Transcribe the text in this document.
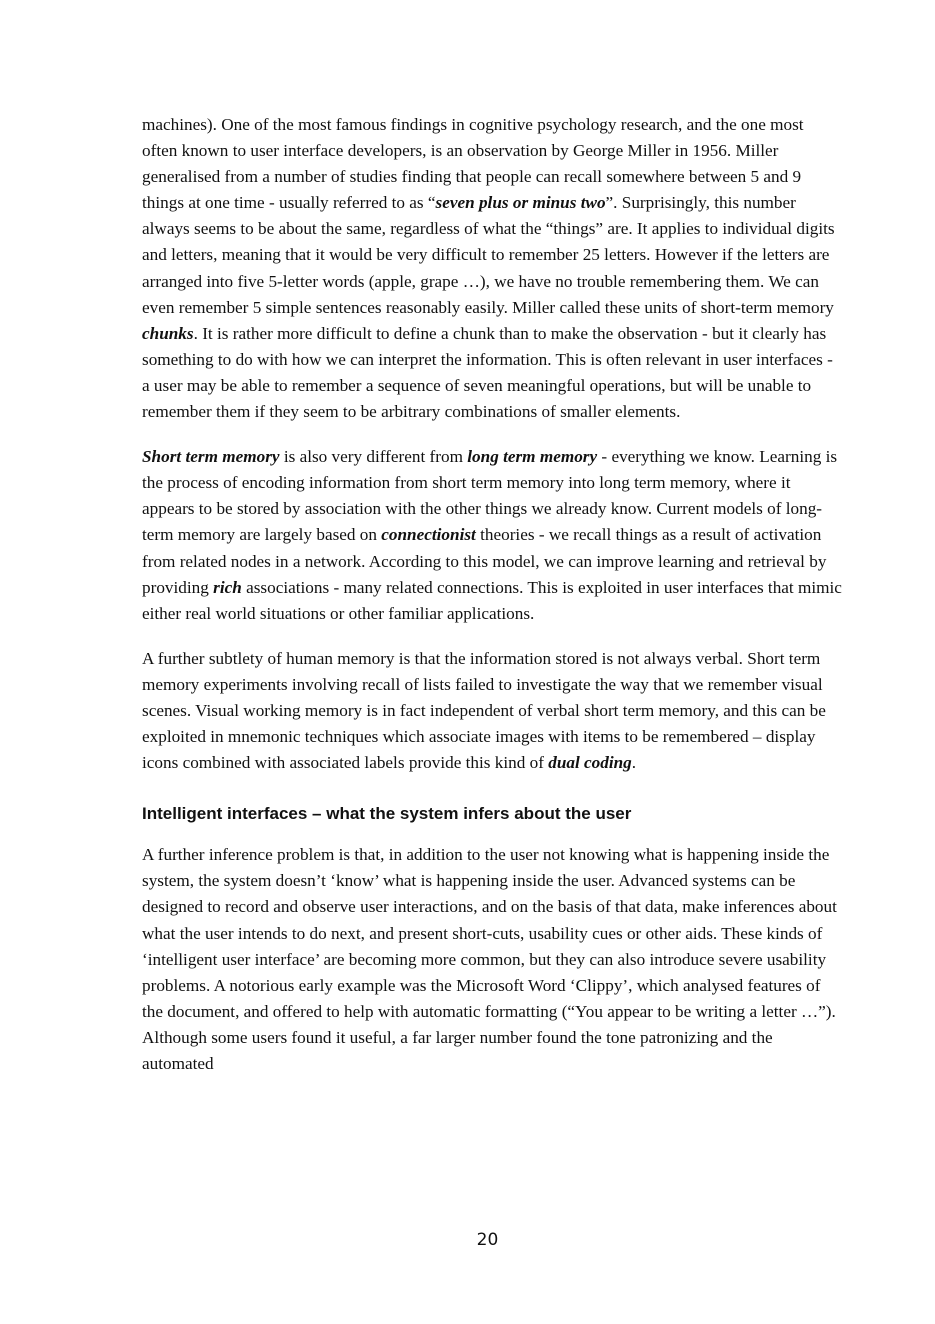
machines). One of the most famous findings in cognitive psychology research, and the one most often known to user interface developers, is an observation by George Miller in 1956. Miller generalised from a number of studies finding that people can recall somewhere between 5 and 9 things at one time - usually referred to as “seven plus or minus two”. Surprisingly, this number always seems to be about the same, regardless of what the “things” are. It applies to individual digits and letters, meaning that it would be very difficult to remember 25 letters. However if the letters are arranged into five 5-letter words (apple, grape …), we have no trouble remembering them. We can even remember 5 simple sentences reasonably easily. Miller called these units of short-term memory chunks. It is rather more difficult to define a chunk than to make the observation - but it clearly has something to do with how we can interpret the information. This is often relevant in user interfaces - a user may be able to remember a sequence of seven meaningful operations, but will be unable to remember them if they seem to be arbitrary combinations of smaller elements.

Short term memory is also very different from long term memory - everything we know. Learning is the process of encoding information from short term memory into long term memory, where it appears to be stored by association with the other things we already know. Current models of long-term memory are largely based on connectionist theories - we recall things as a result of activation from related nodes in a network. According to this model, we can improve learning and retrieval by providing rich associations - many related connections. This is exploited in user interfaces that mimic either real world situations or other familiar applications.

A further subtlety of human memory is that the information stored is not always verbal. Short term memory experiments involving recall of lists failed to investigate the way that we remember visual scenes. Visual working memory is in fact independent of verbal short term memory, and this can be exploited in mnemonic techniques which associate images with items to be remembered – display icons combined with associated labels provide this kind of dual coding.

Intelligent interfaces – what the system infers about the user

A further inference problem is that, in addition to the user not knowing what is happening inside the system, the system doesn’t ‘know’ what is happening inside the user. Advanced systems can be designed to record and observe user interactions, and on the basis of that data, make inferences about what the user intends to do next, and present short-cuts, usability cues or other aids. These kinds of ‘intelligent user interface’ are becoming more common, but they can also introduce severe usability problems. A notorious early example was the Microsoft Word ‘Clippy’, which analysed features of the document, and offered to help with automatic formatting (“You appear to be writing a letter …”). Although some users found it useful, a far larger number found the tone patronizing and the automated

20
